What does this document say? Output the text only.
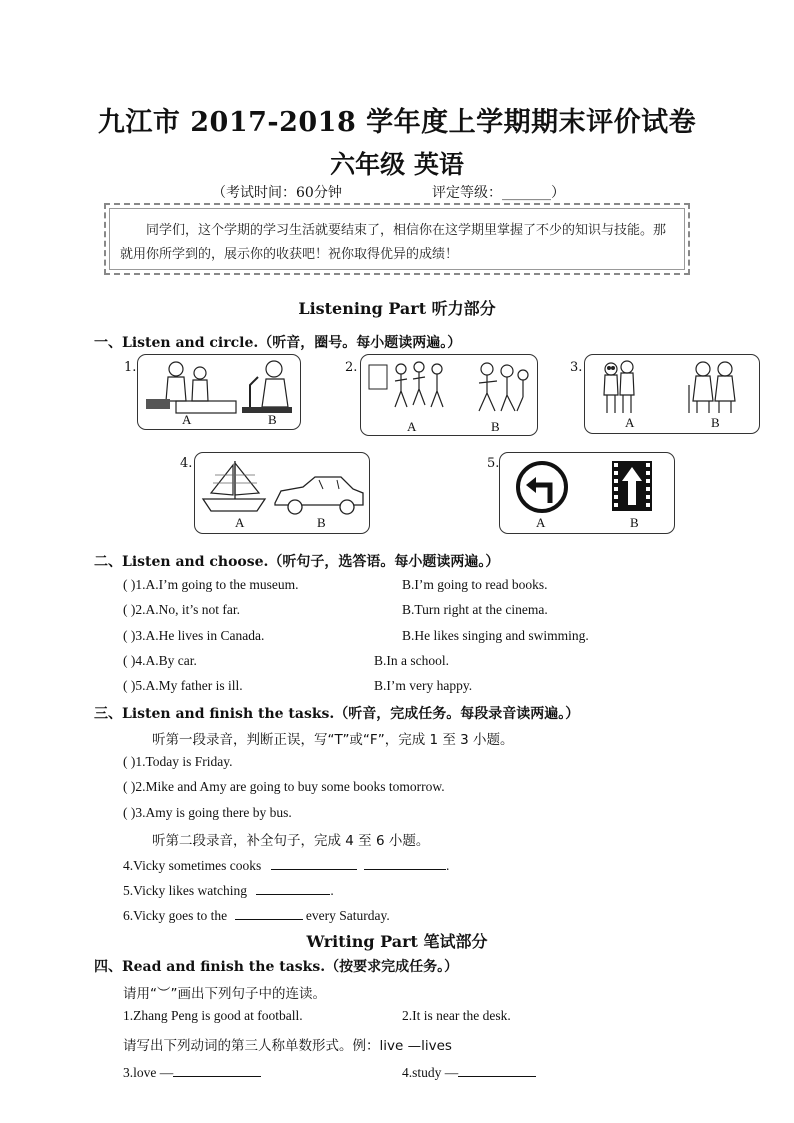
九江市 2017-2018 学年度上学期期末评价试卷
六年级 英语
（考试时间：60分钟	评定等级：_______）
同学们，这个学期的学习生活就要结束了，相信你在这学期里掌握了不少的知识与技能。那就用你所学到的，展示你的收获吧！祝你取得优异的成绩！
Listening Part 听力部分
一、Listen and circle.（听音，圈号。每小题读两遍。）
1.
A	B
2.
A	B
3.
A	B
4.
A	B
5.
A	B
二、Listen and choose.（听句子，选答语。每小题读两遍。）
( )1.A.I’m going to the museum.	B.I’m going to read books.
( )2.A.No, it’s not far.	B.Turn right at the cinema.
( )3.A.He lives in Canada.	B.He likes singing and swimming.
( )4.A.By car.	B.In a school.
( )5.A.My father is ill.	B.I’m very happy.
三、Listen and finish the tasks.（听音，完成任务。每段录音读两遍。）
听第一段录音，判断正误，写“T”或“F”，完成 1 至 3 小题。
( )1.Today is Friday.
( )2.Mike and Amy are going to buy some books tomorrow.
( )3.Amy is going there by bus.
听第二段录音，补全句子，完成 4 至 6 小题。
4.Vicky sometimes cooks	.
5.Vicky likes watching	.
6.Vicky goes to the	every Saturday.
Writing Part 笔试部分
四、Read and finish the tasks.（按要求完成任务。）
请用“︶”画出下列句子中的连读。
1.Zhang Peng is good at football.	2.It is near the desk.
请写出下列动词的第三人称单数形式。例：live —lives
3.love —	4.study —
